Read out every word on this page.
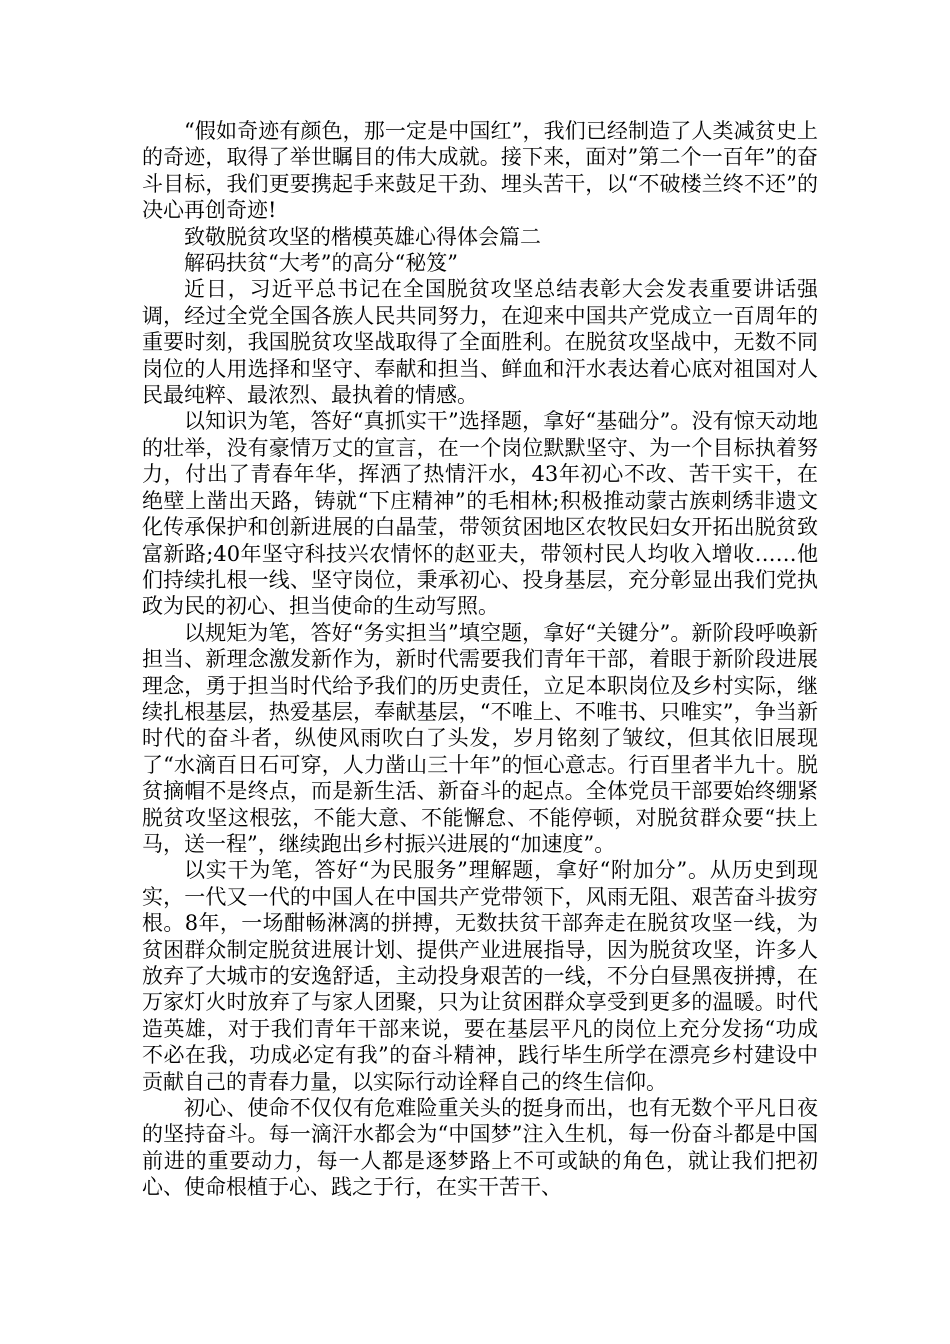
“假如奇迹有颜色，那一定是中国红”，我们已经制造了人类减贫史上的奇迹，取得了举世瞩目的伟大成就。接下来，面对”第二个一百年”的奋斗目标，我们更要携起手来鼓足干劲、埋头苦干，以“不破楼兰终不还”的决心再创奇迹!

致敬脱贫攻坚的楷模英雄心得体会篇二

解码扶贫“大考”的高分“秘笈”

近日，习近平总书记在全国脱贫攻坚总结表彰大会发表重要讲话强调，经过全党全国各族人民共同努力，在迎来中国共产党成立一百周年的重要时刻，我国脱贫攻坚战取得了全面胜利。在脱贫攻坚战中，无数不同岗位的人用选择和坚守、奉献和担当、鲜血和汗水表达着心底对祖国对人民最纯粹、最浓烈、最执着的情感。

以知识为笔，答好“真抓实干”选择题，拿好“基础分”。没有惊天动地的壮举，没有豪情万丈的宣言，在一个岗位默默坚守、为一个目标执着努力，付出了青春年华，挥洒了热情汗水，43年初心不改、苦干实干，在绝壁上凿出天路，铸就“下庄精神”的毛相林;积极推动蒙古族刺绣非遗文化传承保护和创新进展的白晶莹，带领贫困地区农牧民妇女开拓出脱贫致富新路;40年坚守科技兴农情怀的赵亚夫，带领村民人均收入增收……他们持续扎根一线、坚守岗位，秉承初心、投身基层，充分彰显出我们党执政为民的初心、担当使命的生动写照。

以规矩为笔，答好“务实担当”填空题，拿好“关键分”。新阶段呼唤新担当、新理念激发新作为，新时代需要我们青年干部，着眼于新阶段进展理念，勇于担当时代给予我们的历史责任，立足本职岗位及乡村实际，继续扎根基层，热爱基层，奉献基层，“不唯上、不唯书、只唯实”，争当新时代的奋斗者，纵使风雨吹白了头发，岁月铭刻了皱纹，但其依旧展现了“水滴百日石可穿，人力凿山三十年”的恒心意志。行百里者半九十。脱贫摘帽不是终点，而是新生活、新奋斗的起点。全体党员干部要始终绷紧脱贫攻坚这根弦，不能大意、不能懈怠、不能停顿，对脱贫群众要“扶上马，送一程”，继续跑出乡村振兴进展的“加速度”。

以实干为笔，答好“为民服务”理解题，拿好“附加分”。从历史到现实，一代又一代的中国人在中国共产党带领下，风雨无阻、艰苦奋斗拔穷根。8年，一场酣畅淋漓的拼搏，无数扶贫干部奔走在脱贫攻坚一线，为贫困群众制定脱贫进展计划、提供产业进展指导，因为脱贫攻坚，许多人放弃了大城市的安逸舒适，主动投身艰苦的一线，不分白昼黑夜拼搏，在万家灯火时放弃了与家人团聚，只为让贫困群众享受到更多的温暖。时代造英雄，对于我们青年干部来说，要在基层平凡的岗位上充分发扬“功成不必在我，功成必定有我”的奋斗精神，践行毕生所学在漂亮乡村建设中贡献自己的青春力量，以实际行动诠释自己的终生信仰。

初心、使命不仅仅有危难险重关头的挺身而出，也有无数个平凡日夜的坚持奋斗。每一滴汗水都会为“中国梦”注入生机，每一份奋斗都是中国前进的重要动力，每一人都是逐梦路上不可或缺的角色，就让我们把初心、使命根植于心、践之于行，在实干苦干、
